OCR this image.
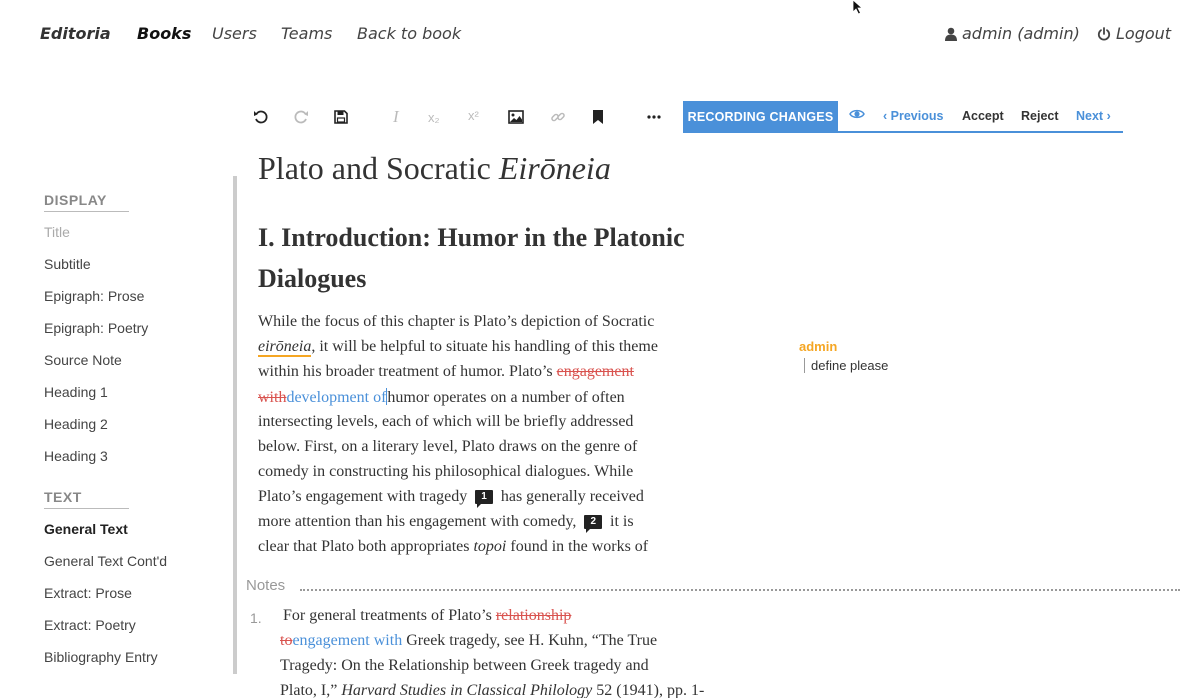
Editoria Books Users Teams Back to book	admin (admin) Logout
I x₂ x²	RECORDING CHANGES	‹ Previous Accept Reject Next ›
DISPLAY
Title
Subtitle
Epigraph: Prose
Epigraph: Poetry
Source Note
Heading 1
Heading 2
Heading 3
TEXT
General Text
General Text Cont'd
Extract: Prose
Extract: Poetry
Bibliography Entry
Plato and Socratic Eirōneia
I. Introduction: Humor in the Platonic Dialogues
While the focus of this chapter is Plato’s depiction of Socratic
eirōneia, it will be helpful to situate his handling of this theme
within his broader treatment of humor. Plato’s engagement
withdevelopment ofhumor operates on a number of often
intersecting levels, each of which will be briefly addressed
below. First, on a literary level, Plato draws on the genre of
comedy in constructing his philosophical dialogues. While
Plato’s engagement with tragedy 1 has generally received
more attention than his engagement with comedy, 2 it is
clear that Plato both appropriates topoi found in the works of
admin
define please
Notes
1. For general treatments of Plato’s relationship
toengagement with Greek tragedy, see H. Kuhn, “The True
Tragedy: On the Relationship between Greek tragedy and
Plato, I,” Harvard Studies in Classical Philology 52 (1941), pp. 1-
